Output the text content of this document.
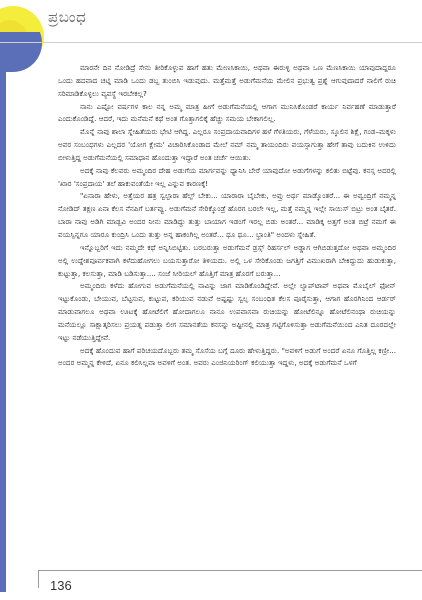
ಪ್ರಬಂಧ

ಮಾರನೇ ದಿನ ನೋಡಿದ್ರೆ ಸೇನು ತೀರಿಕೊಳ್ಳುವ ಹಾಗೆ ಹತು ಮೇಣಸಿಕಾಯಿ, ಅಥವಾ ಈರುಳ್ಳಿ ಅಥವಾ ಒಣ ಮೆಣಸಿಕಾಯಿ ಯಾವುದಾದ್ದರೂ ಒಂದು ಹದವಾದ ಚಟ್ನಿ ಮಾಡಿ ಒಂದು ಡಬ್ಬ ತುಂಬಿಸಿ ಇಡುವುದು. ಮತ್ತೆಮತ್ತೆ ಅಡುಗೆಮನೆಯ ಮೇಲಿನ ಪ್ರಭುತ್ವ ಪ್ರಶ್ನೆ ಆಗುವುದಾದರೆ ನಾಲಿಗೆ ರುಚಿ ಸರಿಮಾಡಿಕೊಳ್ಳಲು ವ್ಯವಸ್ಥೆ ಇರಬೇಕಲ್ಲ?

ನಾನು ಎಷ್ಟೋ ವರ್ಷಗಳ ಕಾಲ ನನ್ನ ಅಮ್ಮ ಮಾತ್ರ ಹೀಗೆ ಅಡುಗೆಮನೆಯಲ್ಲಿ ಆಗಾಗ ಮುನಿಸಿಕೊಂಡರೆ ಕಾರ್ಯ ನಿರ್ವಹಣೆ ಮಾಡುತ್ತಾರೆ ಎಂದುಕೊಂಡಿದ್ದೆ. ಆದರೆ, ಇದು ಮನೆಮನೆ ಕಥೆ ಅಂತ ಗೊತ್ತಾಗಲಿಕ್ಕೆ ಹೆಚ್ಚು ಸಮಯ ಬೇಕಾಗಲಿಲ್ಲ.

ಮೊನ್ನೆ ನಾವು ಶಾಲಾ ಸ್ನೇಹಿತೆಯರು ಭೇಟಿ ಆಗಿದ್ದ. ಎಲ್ಲರೂ ಸಂಪ್ರದಾಯವಾದಿಗಳ ಹಳೆ ಗೆಳತಿಯರು, ಗೆಳೆಯರು, ಸ್ಕೂಲಿನ ಶಿಕ್ಷೆ, ಗಂಡ–ಮಕ್ಕಳು ಅವರ ಸಂಬಂಧಗಳು ಎಲ್ಲದರ 'ಯೋಗ ಕ್ಷೇಮ' ವಿಚಾರಿಸಿಕೊಂಡಾದ ಮೇಲೆ ನಮ್ ನಮ್ಮ ತಾಯಂದಿರು ವಯಸ್ಸಾಗುತ್ತಾ ಹೇಗೆ ತಾವು ಬದುಕಿನ ಉಳಿದು ಬೀಳುತ್ತಿದ್ದ ಅಡುಗೆಮನೆಯಲ್ಲಿ ಸಮಾಧಾನ ಹೊಂದುತ್ತಾ ಇದ್ದಾರೆ ಅಂತ ಚರ್ಚೆ ಆಯಿತು.

ಅದಕ್ಕೆ ನಾವು ಕೆಲವರು ಅಮ್ಮಂದಿರ ದೇಹ ಅಡುಗೆಯ ಮಾರ್ಗವನ್ನು ಧ್ಯಾನಿಸಿ ಬೇರೆ ಯಾವುದೋ ಅಡುಗೆಗಳನ್ನು ಕಲಿತು ಬಿಟ್ಟೆವು. ಕನಸ್ಸ ಅದರಲ್ಲಿ 'ಖಾರ 'ಸಂಪ್ರದಾಯ' ತಲೆ ಹಾಕುವಂತೆಯೇ ಇಲ್ಲ ಎನ್ನುವ ಕಾರಣಕ್ಕೆ!

"ಏನಾರಾ ಹೇಳು, ಅತ್ತೆಯರ ಹತ್ರ ಸ್ವಲ್ಪಾರಾ ಹೆಲ್ಪ್ ಬೇಕು... ಯಾರಾರಾ ಬೈಬೇಕು, ಅವ್ರು ಅರ್ಥ ಮಾಡ್ಕೊಂತರೆ... ಈ ಅವ್ವಂದ್ರಿಗೆ ನಮ್ಮನ್ನ ನೋಡಿದ್ ತಕ್ಷಣ ಏನಾ ಕೆಲಸ ನೆನಪಿಗೆ ಬರ್ತವ್ವು. ಅಡುಗೆಮನೆ ಸೇರಿಕ್ಕೊಂಡ್ರೆ ಹೊರಗ ಬರಲೇ ಇಲ್ಲ, ಮತ್ತೆ ನಮ್ಮನ್ನ ಇಲ್ಲೇ ಸಾಯಿಸ್ ಬಿಟ್ರು ಅಂತ ಬೈತರೆ. ಬಾರಾ ನಾವು ಅಡಿಗಿ ಮಾಡ್ಬವಿ ಅಂದರ ನೀನು ಮಾಡಿದ್ದು ತುತ್ತು ಬಾಯಾಗ ಇಡಂಗೆ ಇರಲ್ಲ ಬಿಡು ಅಂತರೆ... ಮಾಡಿಕ್ಕ ಅತ್ತಗೆ ಅಂತ ಬಿಟ್ರೆ ನಮಗೆ ಈ ವಯಸ್ಸಿನ್ನಗೂ ಯಾರೂ ಕುಂದ್ರಿಸಿ ಒಂದು ತುತ್ತು ಅನ್ನ ಹಾಕಂಗಿಲ್ಲ ಅಂತರೆ... ಥೂ ಥೂ... ಭ್ರಾಂತಿ" ಅಂದಳು ಸ್ನೇಹಿತೆ.

ಇನ್ನೊಬ್ಬರಿಗೆ ಇದು ನಮ್ಮದೇ ಕಥೆ ಅನ್ನಿಸಿಬಿಟ್ಟಿತು. ಬರಬರುತ್ತಾ ಅಡುಗೆಮನೆ ಡ್ರಸ್ಸ್ ರಿಹರ್ಸಲ್ ಅಡ್ಡಾಗ ಆಗಿಬಿಡುತ್ತದೋ ಅಥವಾ ಅಮ್ಮಂದಿರ ಅಲ್ಲಿ ಉದ್ದೇಶಪೂರ್ವಕವಾಗಿ ಕಳೆದುಹೋಗಲು ಬಯಸುತ್ತಾರೋ ತಿಳಿಯದು. ಅಲ್ಲಿ ಒಳ ಸೇರಿಕೊಂಡು ಜಗತ್ತಿಗೆ ವಿಮುಖರಾಗಿ ಬೇಕಿದ್ದುದು ಹುಡುಕುತ್ತಾ, ಕುಟ್ಟುತ್ತಾ, ಕಲಸುತ್ತಾ, ಮಾಡಿ ಬಡಿಸುತ್ತಾ.... ಸಂಜೆ ಸೀರಿಯಲ್ ಹೊತ್ತಿಗೆ ಮಾತ್ರ ಹೊರಗೆ ಬರುತ್ತಾ...

ಅಮ್ಮಂದಿರು ಕಳೆದು ಹೋಗುವ ಅಡುಗೆಮನೆಯಲ್ಲಿ ನಾವಿನ್ನು ಜಾಗ ಮಾಡಿಕೊಂಡಿದ್ದೇವೆ. ಅಲ್ಲೇ ಲ್ಯಾಪ್‌ಟಾಪ್ ಅಥವಾ ಮೊಬೈಲ್ ಫೋನ್ ಇಟ್ಟುಕೊಂಡು, ಬೇಯುವ, ಬೆಟ್ಟಸುವ, ಕುಟ್ಟುವ, ಕರಿಯುವ ನಡುವೆ ಅಷ್ಟಷ್ಟು ಸ್ವಲ್ಪ ಸಂಬಂಧಿತ ಕೆಲಸ ಪೂರೈಸುತ್ತಾ, ಆಗಾಗ ಹೊರಗಿನಿಂದ ಆರ್ಡರ್ ಮಾಡುವಾಗಲೂ ಅಥವಾ ಊಟಕ್ಕೆ ಹೋಟೆಲಿಗೆ ಹೋದಾಗಲೂ ನಾನೂ ಉಪವಾಸವಾ ರುಚಿಯನ್ನು ಹೋಟೆಲಿನ್ನೂ ಹೋಟೆಲಿನಂಥಾ ರುಚಿಯನ್ನು ಮನೆಯಲ್ಲೂ ಸಾಕ್ಷಾತ್ಕರಿಸಲು ಪ್ರಯತ್ನ ಪಡುತ್ತಾ ಲೀಗ ಸಮಾನತೆಯ ಕನಸನ್ನು ಅಷ್ಟೀನಲ್ಲಿ ಮಾತ್ರ ಗಟ್ಟಿಗೊಳಿಸುತ್ತಾ ಅಡುಗೆಮನೆಯಿಂದ ಎನಿತ ದೂರದಲ್ಲೇ ಇಟ್ಟು ನಡೆಯುತ್ತಿದ್ದೇವೆ.

ಅದಕ್ಕೆ ಹೊಂದುವ ಹಾಗೆ ಪರಿಚಯದೊಬ್ಬರು ತಮ್ಮ ಸೊಸೆಯ ಬಗ್ಗೆ ದೂರು ಹೇಳುತ್ತಿದ್ದರು. "ಅವಳಿಗೆ ಅಡುಗೆ ಅಂದರೆ ಏನೂ ಗೊತ್ತಿಲ್ಲ ಕಣ್ರೀ... ಅಂದರ ಅಮ್ಮನ್ನ ಕೇಳಿದೆ, ಏನೂ ಕಲಿಸಿಲ್ಲವಾ ಅವಳಿಗೆ ಅಂತ. ಅವರು ಎಂಜಿನಿಯರಿಂಗ್ ಕಲಿಯುತ್ತಾ ಇದ್ದಳು, ಅದಕ್ಕೆ ಅಡುಗೆಮನೆ ಒಳಗೆ

136
